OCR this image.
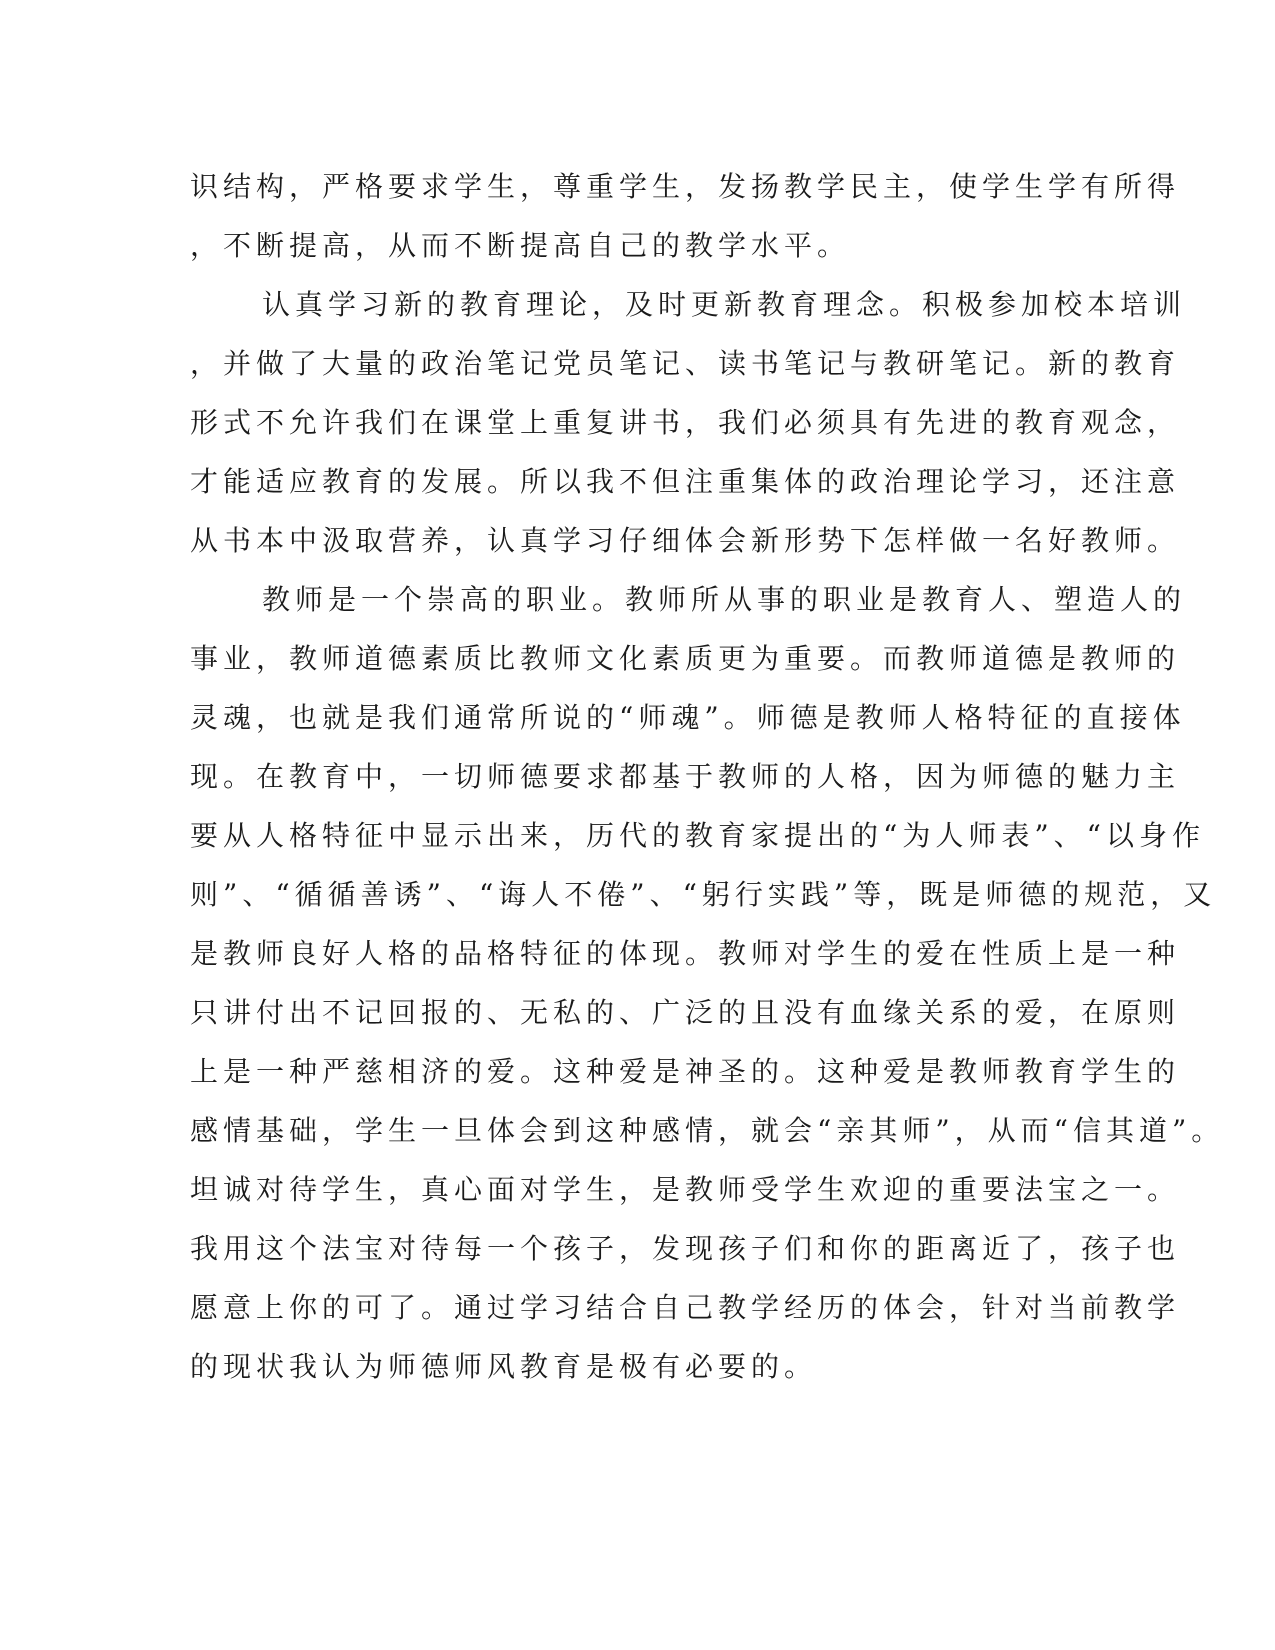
识结构，严格要求学生，尊重学生，发扬教学民主，使学生学有所得
，不断提高，从而不断提高自己的教学水平。
认真学习新的教育理论，及时更新教育理念。积极参加校本培训
，并做了大量的政治笔记党员笔记、读书笔记与教研笔记。新的教育
形式不允许我们在课堂上重复讲书，我们必须具有先进的教育观念，
才能适应教育的发展。所以我不但注重集体的政治理论学习，还注意
从书本中汲取营养，认真学习仔细体会新形势下怎样做一名好教师。
教师是一个崇高的职业。教师所从事的职业是教育人、塑造人的
事业，教师道德素质比教师文化素质更为重要。而教师道德是教师的
灵魂，也就是我们通常所说的“师魂”。师德是教师人格特征的直接体
现。在教育中，一切师德要求都基于教师的人格，因为师德的魅力主
要从人格特征中显示出来，历代的教育家提出的“为人师表”、“以身作
则”、“循循善诱”、“诲人不倦”、“躬行实践”等，既是师德的规范，又
是教师良好人格的品格特征的体现。教师对学生的爱在性质上是一种
只讲付出不记回报的、无私的、广泛的且没有血缘关系的爱，在原则
上是一种严慈相济的爱。这种爱是神圣的。这种爱是教师教育学生的
感情基础，学生一旦体会到这种感情，就会“亲其师”，从而“信其道”。
坦诚对待学生，真心面对学生，是教师受学生欢迎的重要法宝之一。
我用这个法宝对待每一个孩子，发现孩子们和你的距离近了，孩子也
愿意上你的可了。通过学习结合自己教学经历的体会，针对当前教学
的现状我认为师德师风教育是极有必要的。
